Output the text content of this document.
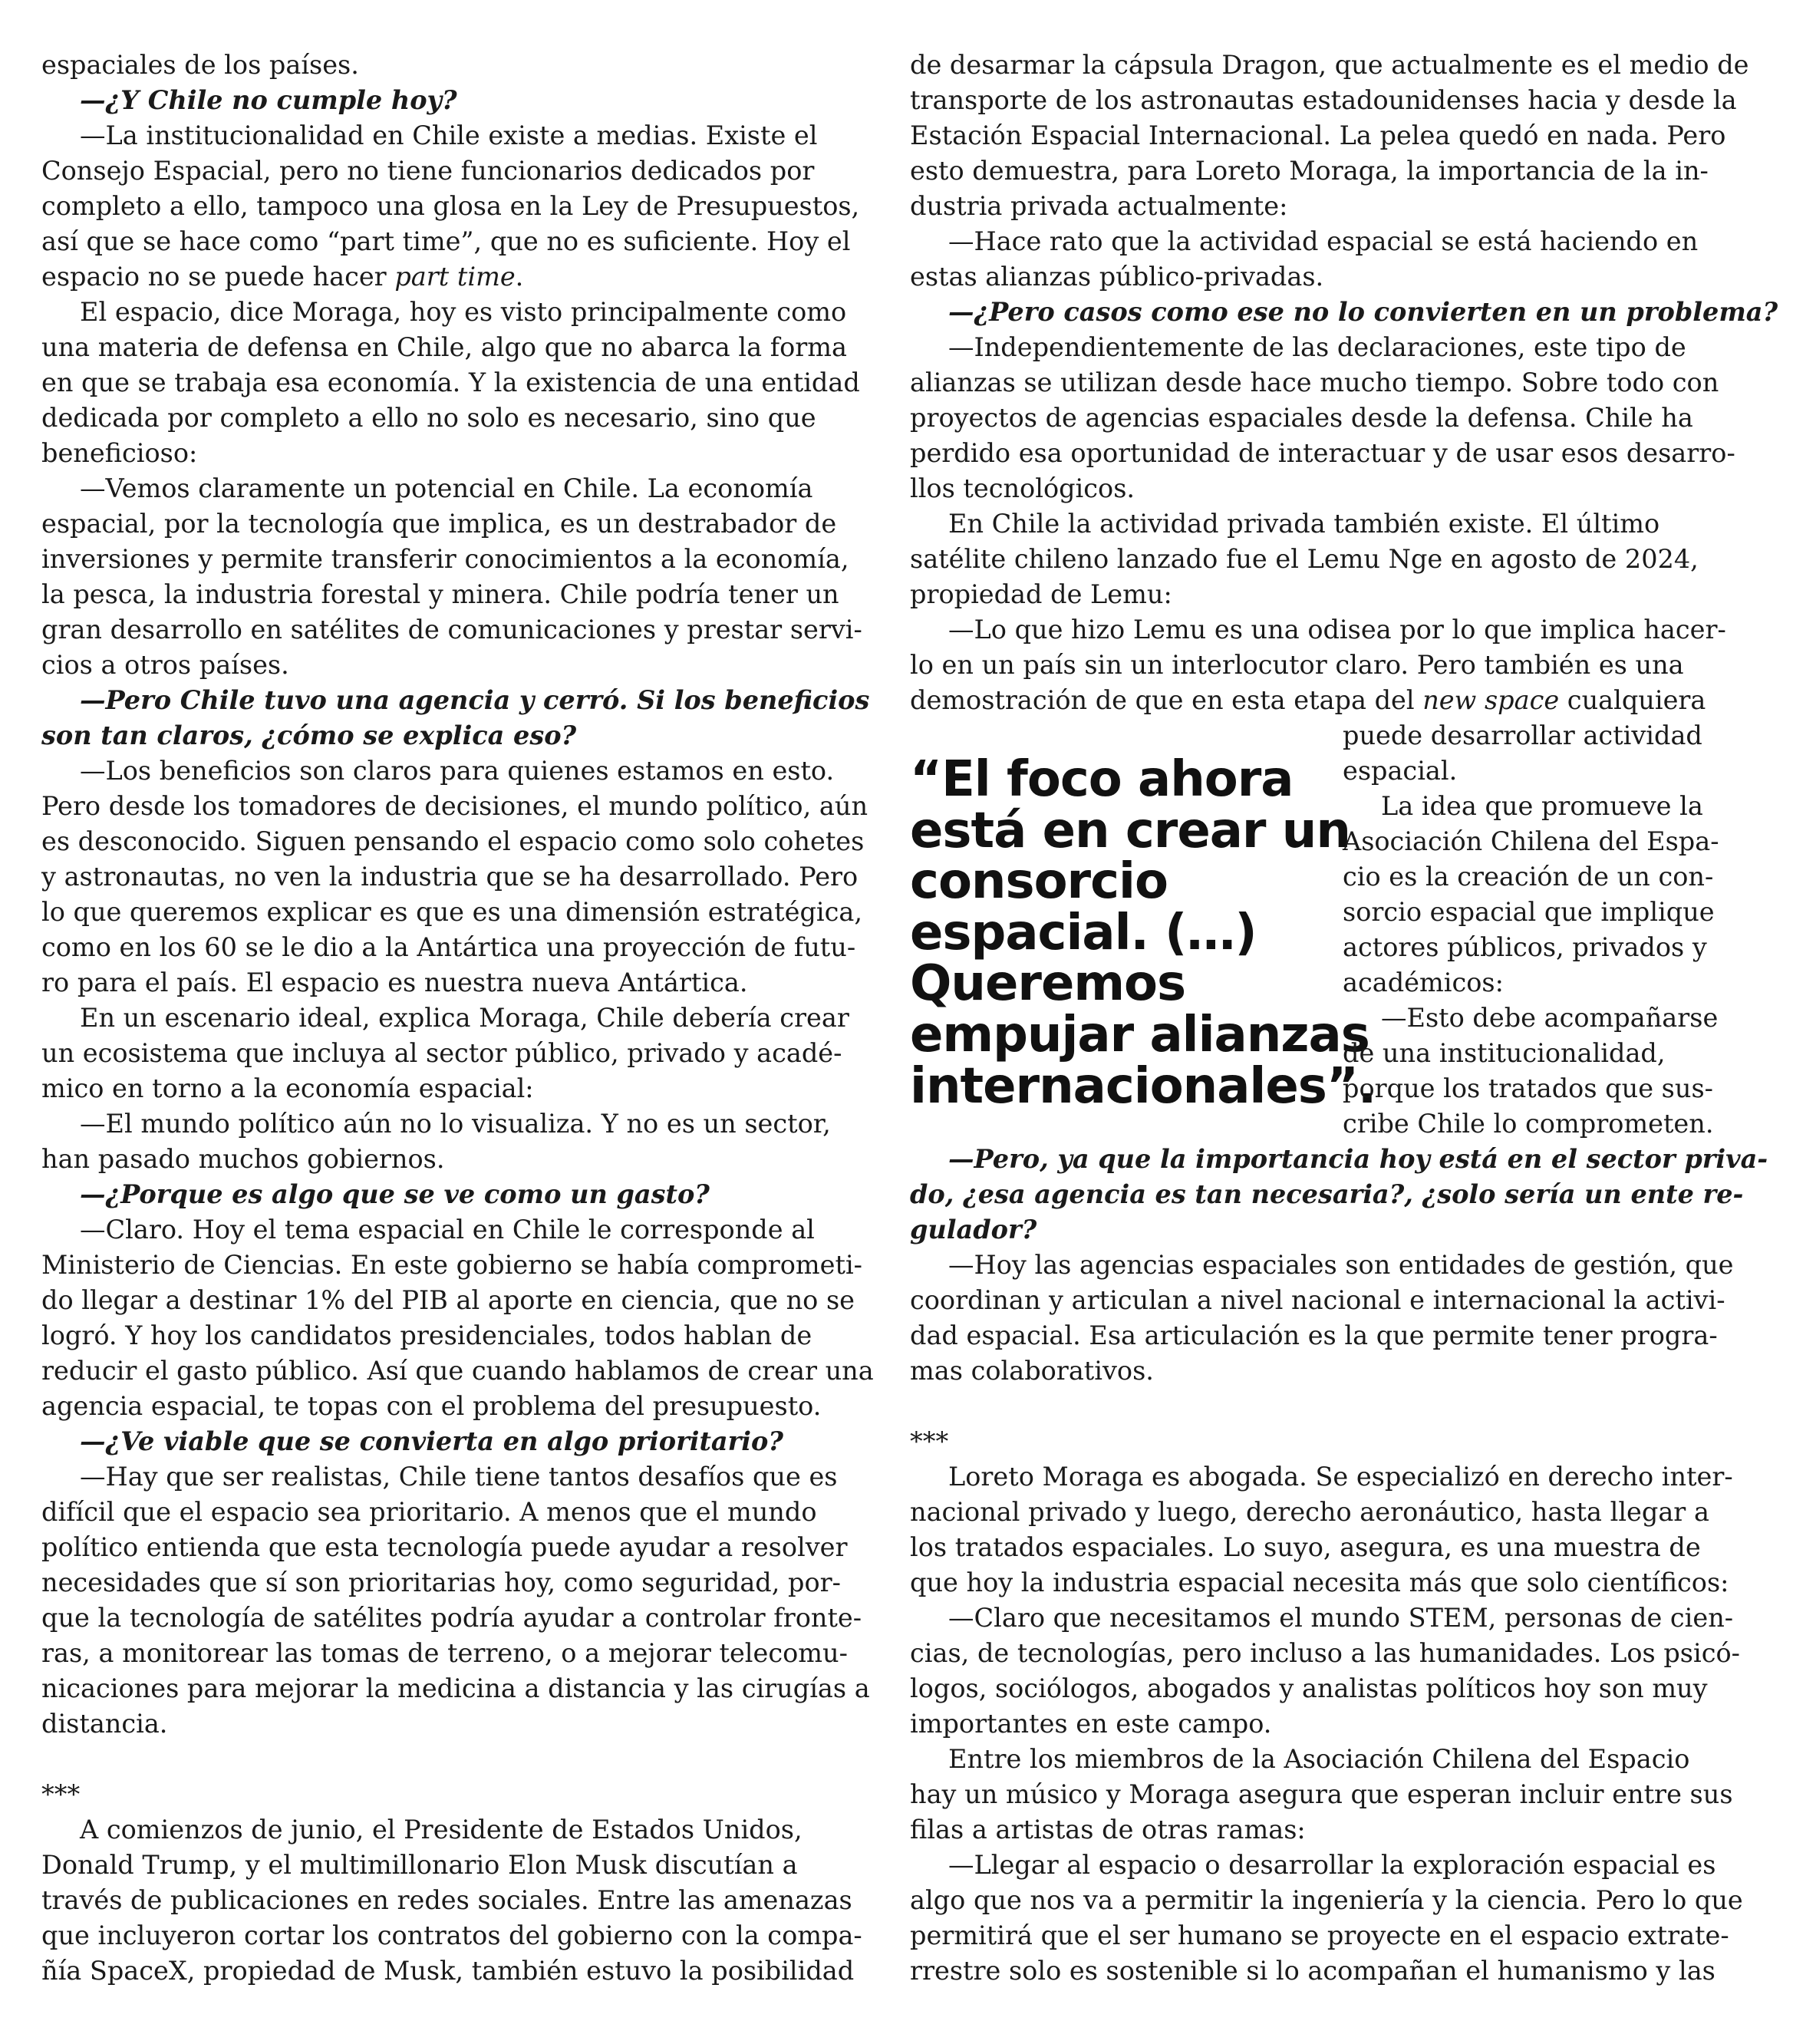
espaciales de los países.
—¿Y Chile no cumple hoy?
—La institucionalidad en Chile existe a medias. Existe el
Consejo Espacial, pero no tiene funcionarios dedicados por
completo a ello, tampoco una glosa en la Ley de Presupuestos,
así que se hace como “part time”, que no es suficiente. Hoy el
espacio no se puede hacer part time.
El espacio, dice Moraga, hoy es visto principalmente como
una materia de defensa en Chile, algo que no abarca la forma
en que se trabaja esa economía. Y la existencia de una entidad
dedicada por completo a ello no solo es necesario, sino que
beneficioso:
—Vemos claramente un potencial en Chile. La economía
espacial, por la tecnología que implica, es un destrabador de
inversiones y permite transferir conocimientos a la economía,
la pesca, la industria forestal y minera. Chile podría tener un
gran desarrollo en satélites de comunicaciones y prestar servi-
cios a otros países.
—Pero Chile tuvo una agencia y cerró. Si los beneficios
son tan claros, ¿cómo se explica eso?
—Los beneficios son claros para quienes estamos en esto.
Pero desde los tomadores de decisiones, el mundo político, aún
es desconocido. Siguen pensando el espacio como solo cohetes
y astronautas, no ven la industria que se ha desarrollado. Pero
lo que queremos explicar es que es una dimensión estratégica,
como en los 60 se le dio a la Antártica una proyección de futu-
ro para el país. El espacio es nuestra nueva Antártica.
En un escenario ideal, explica Moraga, Chile debería crear
un ecosistema que incluya al sector público, privado y acadé-
mico en torno a la economía espacial:
—El mundo político aún no lo visualiza. Y no es un sector,
han pasado muchos gobiernos.
—¿Porque es algo que se ve como un gasto?
—Claro. Hoy el tema espacial en Chile le corresponde al
Ministerio de Ciencias. En este gobierno se había comprometi-
do llegar a destinar 1% del PIB al aporte en ciencia, que no se
logró. Y hoy los candidatos presidenciales, todos hablan de
reducir el gasto público. Así que cuando hablamos de crear una
agencia espacial, te topas con el problema del presupuesto.
—¿Ve viable que se convierta en algo prioritario?
—Hay que ser realistas, Chile tiene tantos desafíos que es
difícil que el espacio sea prioritario. A menos que el mundo
político entienda que esta tecnología puede ayudar a resolver
necesidades que sí son prioritarias hoy, como seguridad, por-
que la tecnología de satélites podría ayudar a controlar fronte-
ras, a monitorear las tomas de terreno, o a mejorar telecomu-
nicaciones para mejorar la medicina a distancia y las cirugías a
distancia.
***
A comienzos de junio, el Presidente de Estados Unidos,
Donald Trump, y el multimillonario Elon Musk discutían a
través de publicaciones en redes sociales. Entre las amenazas
que incluyeron cortar los contratos del gobierno con la compa-
ñía SpaceX, propiedad de Musk, también estuvo la posibilidad
de desarmar la cápsula Dragon, que actualmente es el medio de
transporte de los astronautas estadounidenses hacia y desde la
Estación Espacial Internacional. La pelea quedó en nada. Pero
esto demuestra, para Loreto Moraga, la importancia de la in-
dustria privada actualmente:
—Hace rato que la actividad espacial se está haciendo en
estas alianzas público-privadas.
—¿Pero casos como ese no lo convierten en un problema?
—Independientemente de las declaraciones, este tipo de
alianzas se utilizan desde hace mucho tiempo. Sobre todo con
proyectos de agencias espaciales desde la defensa. Chile ha
perdido esa oportunidad de interactuar y de usar esos desarro-
llos tecnológicos.
En Chile la actividad privada también existe. El último
satélite chileno lanzado fue el Lemu Nge en agosto de 2024,
propiedad de Lemu:
—Lo que hizo Lemu es una odisea por lo que implica hacer-
lo en un país sin un interlocutor claro. Pero también es una
demostración de que en esta etapa del new space cualquiera
“El foco ahora
está en crear un
consorcio
espacial. (…)
Queremos
empujar alianzas
internacionales”.
puede desarrollar actividad
espacial.
La idea que promueve la
Asociación Chilena del Espa-
cio es la creación de un con-
sorcio espacial que implique
actores públicos, privados y
académicos:
—Esto debe acompañarse
de una institucionalidad,
porque los tratados que sus-
cribe Chile lo comprometen.
—Pero, ya que la importancia hoy está en el sector priva-
do, ¿esa agencia es tan necesaria?, ¿solo sería un ente re-
gulador?
—Hoy las agencias espaciales son entidades de gestión, que
coordinan y articulan a nivel nacional e internacional la activi-
dad espacial. Esa articulación es la que permite tener progra-
mas colaborativos.
***
Loreto Moraga es abogada. Se especializó en derecho inter-
nacional privado y luego, derecho aeronáutico, hasta llegar a
los tratados espaciales. Lo suyo, asegura, es una muestra de
que hoy la industria espacial necesita más que solo científicos:
—Claro que necesitamos el mundo STEM, personas de cien-
cias, de tecnologías, pero incluso a las humanidades. Los psicó-
logos, sociólogos, abogados y analistas políticos hoy son muy
importantes en este campo.
Entre los miembros de la Asociación Chilena del Espacio
hay un músico y Moraga asegura que esperan incluir entre sus
filas a artistas de otras ramas:
—Llegar al espacio o desarrollar la exploración espacial es
algo que nos va a permitir la ingeniería y la ciencia. Pero lo que
permitirá que el ser humano se proyecte en el espacio extrate-
rrestre solo es sostenible si lo acompañan el humanismo y las
